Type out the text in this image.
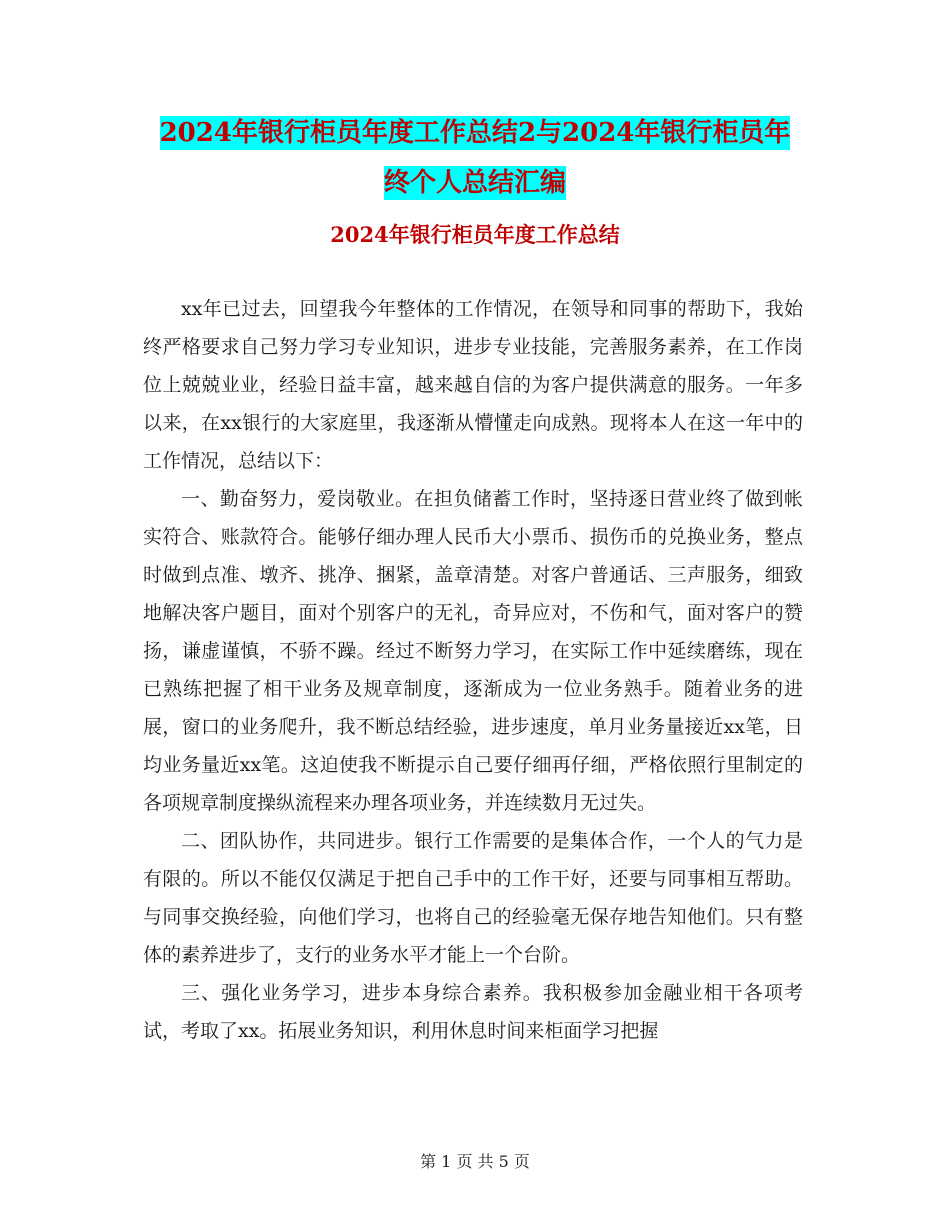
2024年银行柜员年度工作总结2与2024年银行柜员年
终个人总结汇编
2024年银行柜员年度工作总结

xx年已过去，回望我今年整体的工作情况，在领导和同事的帮助下，我始终严格要求自己努力学习专业知识，进步专业技能，完善服务素养，在工作岗位上兢兢业业，经验日益丰富，越来越自信的为客户提供满意的服务。一年多以来，在xx银行的大家庭里，我逐渐从懵懂走向成熟。现将本人在这一年中的工作情况，总结以下：

一、勤奋努力，爱岗敬业。在担负储蓄工作时，坚持逐日营业终了做到帐实符合、账款符合。能够仔细办理人民币大小票币、损伤币的兑换业务，整点时做到点准、墩齐、挑净、捆紧，盖章清楚。对客户普通话、三声服务，细致地解决客户题目，面对个别客户的无礼，奇异应对，不伤和气，面对客户的赞扬，谦虚谨慎，不骄不躁。经过不断努力学习，在实际工作中延续磨练，现在已熟练把握了相干业务及规章制度，逐渐成为一位业务熟手。随着业务的进展，窗口的业务爬升，我不断总结经验，进步速度，单月业务量接近xx笔，日均业务量近xx笔。这迫使我不断提示自己要仔细再仔细，严格依照行里制定的各项规章制度操纵流程来办理各项业务，并连续数月无过失。

二、团队协作，共同进步。银行工作需要的是集体合作，一个人的气力是有限的。所以不能仅仅满足于把自己手中的工作干好，还要与同事相互帮助。与同事交换经验，向他们学习，也将自己的经验毫无保存地告知他们。只有整体的素养进步了，支行的业务水平才能上一个台阶。

三、强化业务学习，进步本身综合素养。我积极参加金融业相干各项考试，考取了xx。拓展业务知识，利用休息时间来柜面学习把握

第 1 页 共 5 页
